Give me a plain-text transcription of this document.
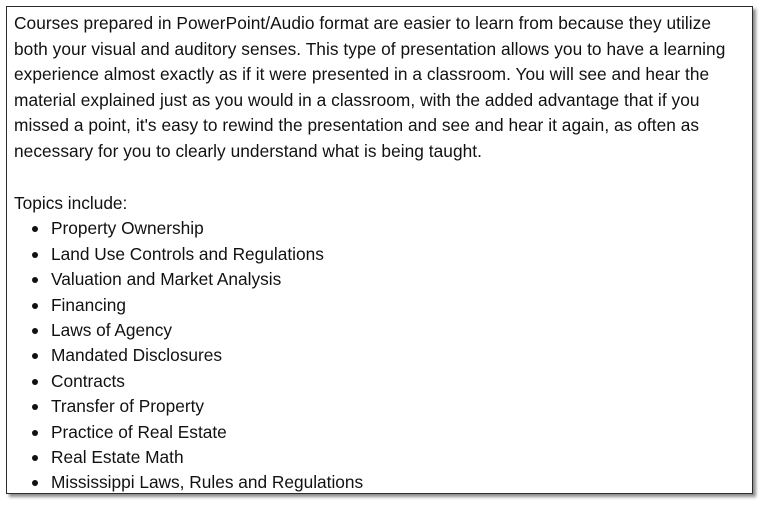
Courses prepared in PowerPoint/Audio format are easier to learn from because they utilize both your visual and auditory senses. This type of presentation allows you to have a learning experience almost exactly as if it were presented in a classroom. You will see and hear the material explained just as you would in a classroom, with the added advantage that if you missed a point, it's easy to rewind the presentation and see and hear it again, as often as necessary for you to clearly understand what is being taught.

Topics include:
Property Ownership
Land Use Controls and Regulations
Valuation and Market Analysis
Financing
Laws of Agency
Mandated Disclosures
Contracts
Transfer of Property
Practice of Real Estate
Real Estate Math
Mississippi Laws, Rules and Regulations
